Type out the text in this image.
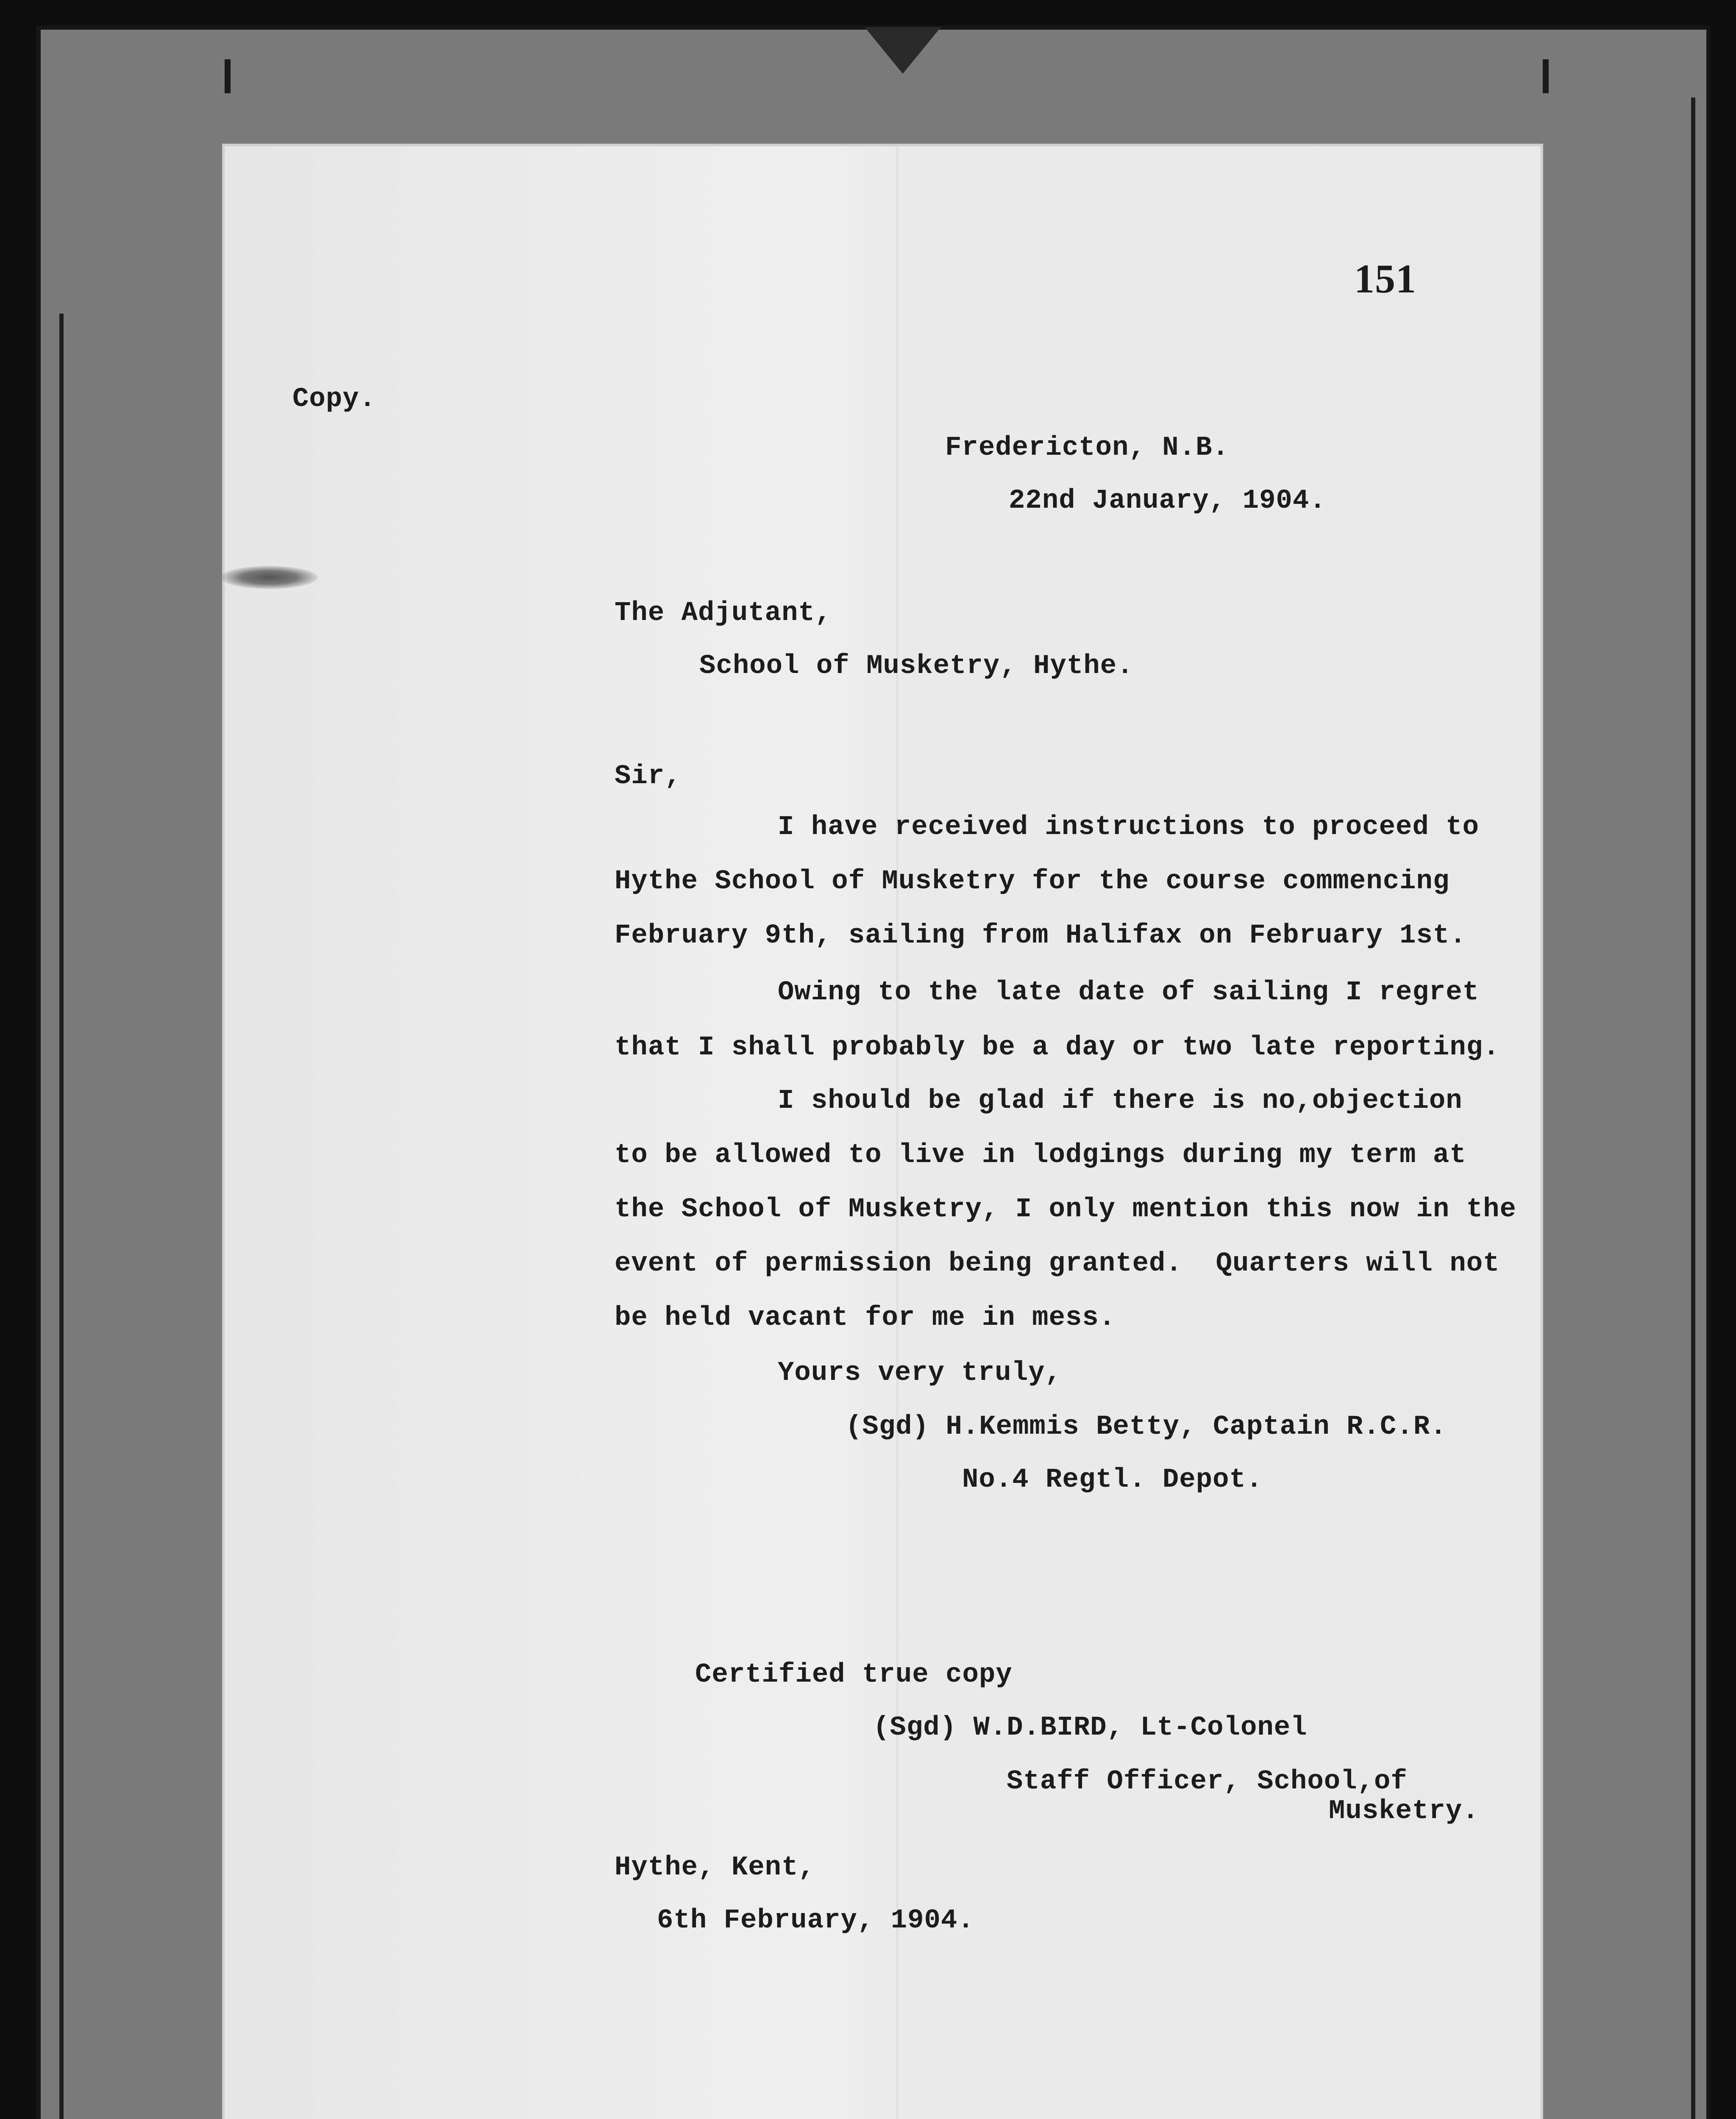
151

Copy.

Fredericton, N.B.

22nd January, 1904.

The Adjutant,

School of Musketry, Hythe.

Sir,

I have received instructions to proceed to

Hythe School of Musketry for the course commencing

February 9th, sailing from Halifax on February 1st.

Owing to the late date of sailing I regret

that I shall probably be a day or two late reporting.

I should be glad if there is no,objection

to be allowed to live in lodgings during my term at

the School of Musketry, I only mention this now in the

event of permission being granted.  Quarters will not

be held vacant for me in mess.

Yours very truly,

(Sgd) H.Kemmis Betty, Captain R.C.R.

No.4 Regtl. Depot.

Certified true copy

(Sgd) W.D.BIRD, Lt-Colonel

Staff Officer, School,of

Musketry.

Hythe, Kent,

6th February, 1904.
